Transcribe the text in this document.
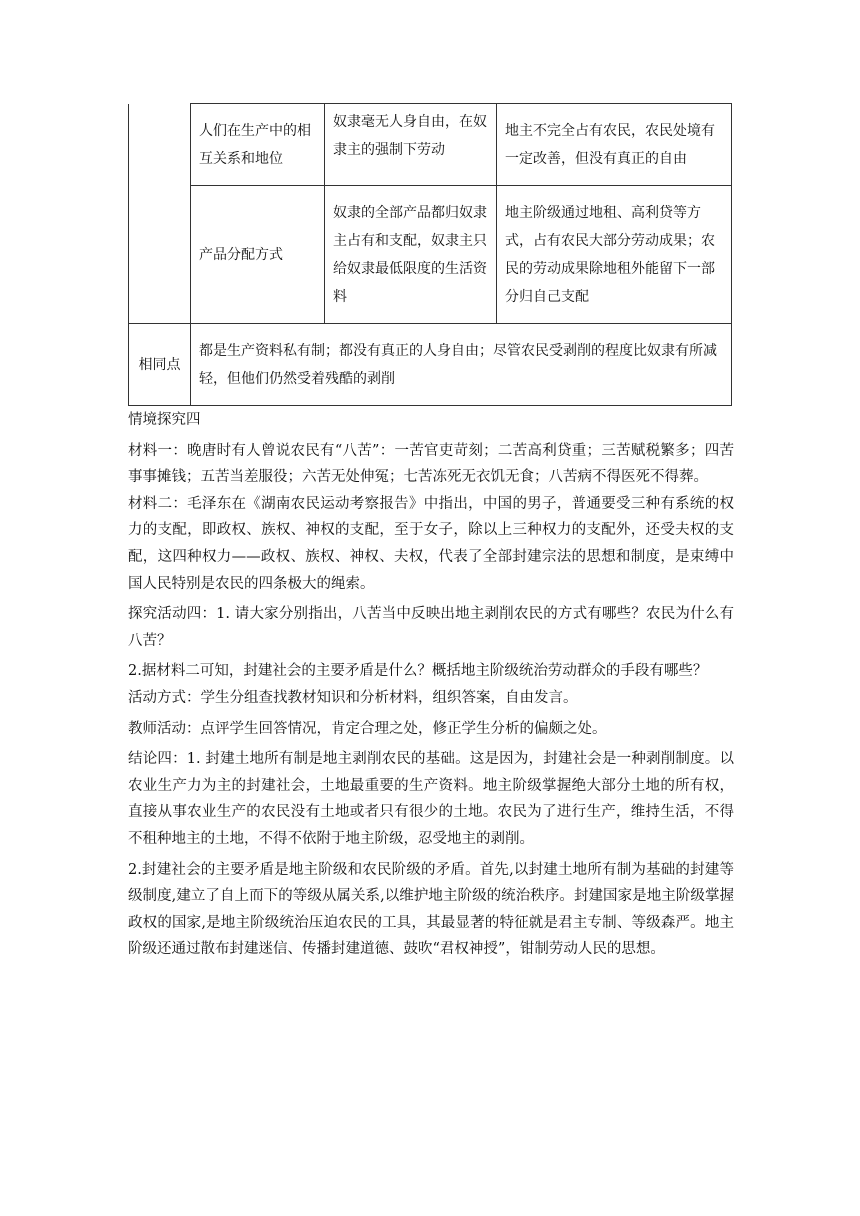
	人们在生产中的相互关系和地位	奴隶毫无人身自由，在奴隶主的强制下劳动	地主不完全占有农民，农民处境有一定改善，但没有真正的自由
	产品分配方式	奴隶的全部产品都归奴隶主占有和支配，奴隶主只给奴隶最低限度的生活资料	地主阶级通过地租、高利贷等方式，占有农民大部分劳动成果；农民的劳动成果除地租外能留下一部分归自己支配
相同点	都是生产资料私有制；都没有真正的人身自由；尽管农民受剥削的程度比奴隶有所减轻，但他们仍然受着残酷的剥削		

情境探究四

材料一：晚唐时有人曾说农民有“八苦”：一苦官吏苛刻；二苦高利贷重；三苦赋税繁多；四苦事事摊钱；五苦当差服役；六苦无处伸冤；七苦冻死无衣饥无食；八苦病不得医死不得葬。

材料二：毛泽东在《湖南农民运动考察报告》中指出，中国的男子，普通要受三种有系统的权力的支配，即政权、族权、神权的支配，至于女子，除以上三种权力的支配外，还受夫权的支配，这四种权力——政权、族权、神权、夫权，代表了全部封建宗法的思想和制度，是束缚中国人民特别是农民的四条极大的绳索。

探究活动四：1. 请大家分别指出，八苦当中反映出地主剥削农民的方式有哪些？农民为什么有八苦？

2.据材料二可知，封建社会的主要矛盾是什么？概括地主阶级统治劳动群众的手段有哪些？

活动方式：学生分组查找教材知识和分析材料，组织答案，自由发言。

教师活动：点评学生回答情况，肯定合理之处，修正学生分析的偏颇之处。

结论四：1. 封建土地所有制是地主剥削农民的基础。这是因为，封建社会是一种剥削制度。以农业生产力为主的封建社会，土地最重要的生产资料。地主阶级掌握绝大部分土地的所有权，直接从事农业生产的农民没有土地或者只有很少的土地。农民为了进行生产，维持生活，不得不租种地主的土地，不得不依附于地主阶级，忍受地主的剥削。

2.封建社会的主要矛盾是地主阶级和农民阶级的矛盾。首先,以封建土地所有制为基础的封建等级制度,建立了自上而下的等级从属关系,以维护地主阶级的统治秩序。封建国家是地主阶级掌握政权的国家,是地主阶级统治压迫农民的工具，其最显著的特征就是君主专制、等级森严。地主阶级还通过散布封建迷信、传播封建道德、鼓吹“君权神授”，钳制劳动人民的思想。
